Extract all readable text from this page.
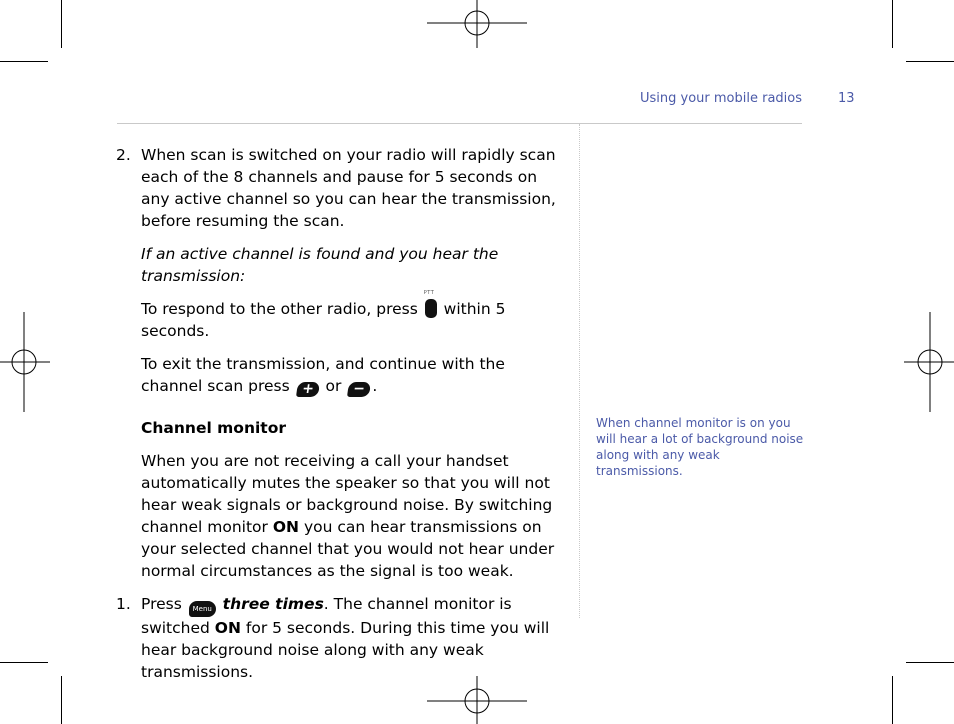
Using your mobile radios	13
2. When scan is switched on your radio will rapidly scan each of the 8 channels and pause for 5 seconds on any active channel so you can hear the transmission, before resuming the scan.

If an active channel is found and you hear the transmission:

To respond to the other radio, press
PTT
within 5 seconds.

To exit the transmission, and continue with the channel scan press + or − .

Channel monitor

When you are not receiving a call your handset automatically mutes the speaker so that you will not hear weak signals or background noise. By switching channel monitor ON you can hear transmissions on your selected channel that you would not hear under normal circumstances as the signal is too weak.

1. Press Menu three times. The channel monitor is switched ON for 5 seconds. During this time you will hear background noise along with any weak transmissions.

When channel monitor is on you will hear a lot of background noise along with any weak transmissions.
